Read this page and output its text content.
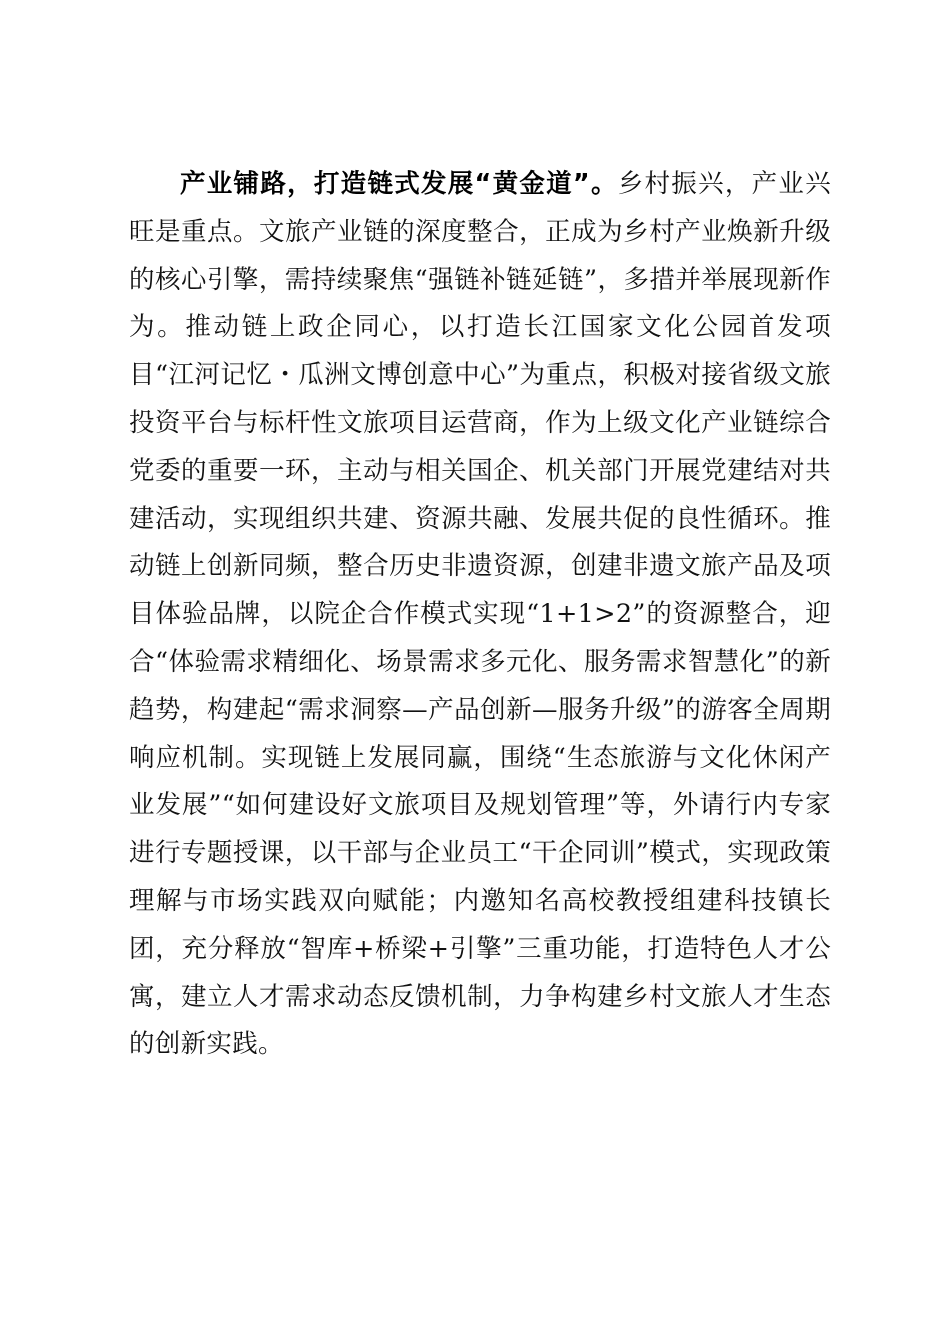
产业铺路，打造链式发展“黄金道”。乡村振兴，产业兴旺是重点。文旅产业链的深度整合，正成为乡村产业焕新升级的核心引擎，需持续聚焦“强链补链延链”，多措并举展现新作为。推动链上政企同心，以打造长江国家文化公园首发项目“江河记忆・瓜洲文博创意中心”为重点，积极对接省级文旅投资平台与标杆性文旅项目运营商，作为上级文化产业链综合党委的重要一环，主动与相关国企、机关部门开展党建结对共建活动，实现组织共建、资源共融、发展共促的良性循环。推动链上创新同频，整合历史非遗资源，创建非遗文旅产品及项目体验品牌，以院企合作模式实现“1+1>2”的资源整合，迎合“体验需求精细化、场景需求多元化、服务需求智慧化”的新趋势，构建起“需求洞察—产品创新—服务升级”的游客全周期响应机制。实现链上发展同赢，围绕“生态旅游与文化休闲产业发展”“如何建设好文旅项目及规划管理”等，外请行内专家进行专题授课，以干部与企业员工“干企同训”模式，实现政策理解与市场实践双向赋能；内邀知名高校教授组建科技镇长团，充分释放“智库+桥梁+引擎”三重功能，打造特色人才公寓，建立人才需求动态反馈机制，力争构建乡村文旅人才生态的创新实践。
